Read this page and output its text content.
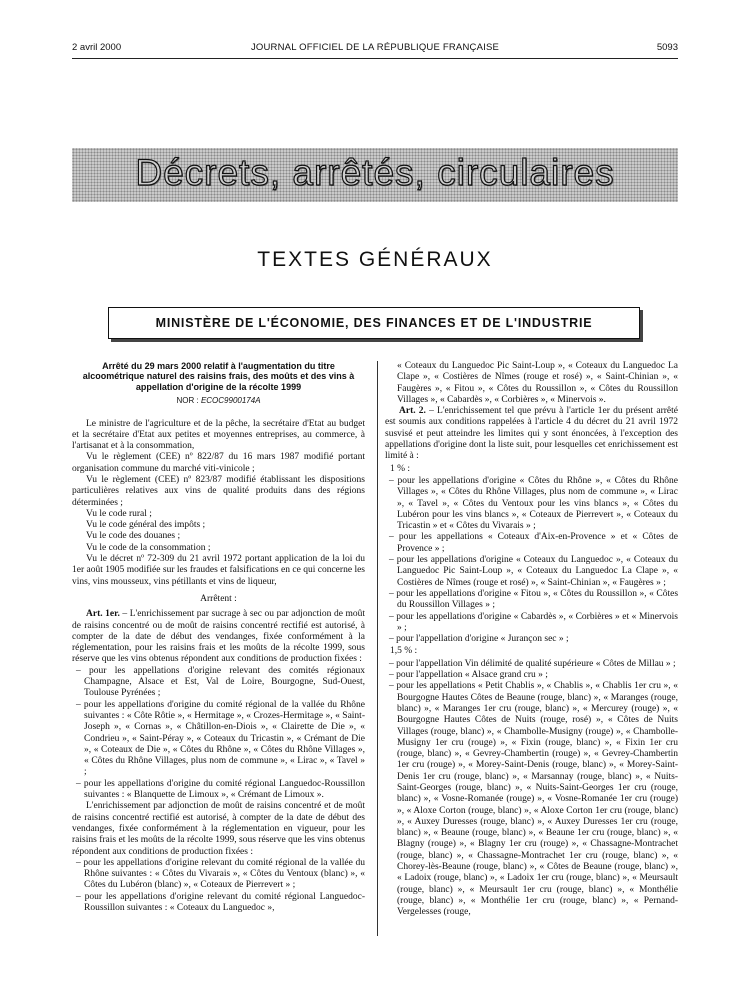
2 avril 2000	JOURNAL OFFICIEL DE LA RÉPUBLIQUE FRANÇAISE	5093
Décrets, arrêtés, circulaires
TEXTES GÉNÉRAUX
MINISTÈRE DE L'ÉCONOMIE, DES FINANCES ET DE L'INDUSTRIE

Arrêté du 29 mars 2000 relatif à l'augmentation du titre alcoométrique naturel des raisins frais, des moûts et des vins à appellation d'origine de la récolte 1999

NOR : ECOC9900174A

Le ministre de l'agriculture et de la pêche, la secrétaire d'Etat au budget et la secrétaire d'Etat aux petites et moyennes entreprises, au commerce, à l'artisanat et à la consommation,

Vu le règlement (CEE) nº 822/87 du 16 mars 1987 modifié portant organisation commune du marché viti-vinicole ;

Vu le règlement (CEE) nº 823/87 modifié établissant les dispositions particulières relatives aux vins de qualité produits dans des régions déterminées ;

Vu le code rural ;

Vu le code général des impôts ;

Vu le code des douanes ;

Vu le code de la consommation ;

Vu le décret nº 72-309 du 21 avril 1972 portant application de la loi du 1er août 1905 modifiée sur les fraudes et falsifications en ce qui concerne les vins, vins mousseux, vins pétillants et vins de liqueur,

Arrêtent :

Art. 1er. – L'enrichissement par sucrage à sec ou par adjonction de moût de raisins concentré ou de moût de raisins concentré rectifié est autorisé, à compter de la date de début des vendanges, fixée conformément à la réglementation, pour les raisins frais et les moûts de la récolte 1999, sous réserve que les vins obtenus répondent aux conditions de production fixées :

– pour les appellations d'origine relevant des comités régionaux Champagne, Alsace et Est, Val de Loire, Bourgogne, Sud-Ouest, Toulouse Pyrénées ;

– pour les appellations d'origine du comité régional de la vallée du Rhône suivantes : « Côte Rôtie », « Hermitage », « Crozes-Hermitage », « Saint-Joseph », « Cornas », « Châtillon-en-Diois », « Clairette de Die », « Condrieu », « Saint-Péray », « Coteaux du Tricastin », « Crémant de Die », « Coteaux de Die », « Côtes du Rhône », « Côtes du Rhône Villages », « Côtes du Rhône Villages, plus nom de commune », « Lirac », « Tavel » ;

– pour les appellations d'origine du comité régional Languedoc-Roussillon suivantes : « Blanquette de Limoux », « Crémant de Limoux ».

L'enrichissement par adjonction de moût de raisins concentré et de moût de raisins concentré rectifié est autorisé, à compter de la date de début des vendanges, fixée conformément à la réglementation en vigueur, pour les raisins frais et les moûts de la récolte 1999, sous réserve que les vins obtenus répondent aux conditions de production fixées :

– pour les appellations d'origine relevant du comité régional de la vallée du Rhône suivantes : « Côtes du Vivarais », « Côtes du Ventoux (blanc) », « Côtes du Lubéron (blanc) », « Coteaux de Pierrevert » ;

– pour les appellations d'origine relevant du comité régional Languedoc-Roussillon suivantes : « Coteaux du Languedoc »,

« Coteaux du Languedoc Pic Saint-Loup », « Coteaux du Languedoc La Clape », « Costières de Nîmes (rouge et rosé) », « Saint-Chinian », « Faugères », « Fitou », « Côtes du Roussillon », « Côtes du Roussillon Villages », « Cabardès », « Corbières », « Minervois ».

Art. 2. – L'enrichissement tel que prévu à l'article 1er du présent arrêté est soumis aux conditions rappelées à l'article 4 du décret du 21 avril 1972 susvisé et peut atteindre les limites qui y sont énoncées, à l'exception des appellations d'origine dont la liste suit, pour lesquelles cet enrichissement est limité à :

1 % :

– pour les appellations d'origine « Côtes du Rhône », « Côtes du Rhône Villages », « Côtes du Rhône Villages, plus nom de commune », « Lirac », « Tavel », « Côtes du Ventoux pour les vins blancs », « Côtes du Lubéron pour les vins blancs », « Coteaux de Pierrevert », « Coteaux du Tricastin » et « Côtes du Vivarais » ;

– pour les appellations « Coteaux d'Aix-en-Provence » et « Côtes de Provence » ;

– pour les appellations d'origine « Coteaux du Languedoc », « Coteaux du Languedoc Pic Saint-Loup », « Coteaux du Languedoc La Clape », « Costières de Nîmes (rouge et rosé) », « Saint-Chinian », « Faugères » ;

– pour les appellations d'origine « Fitou », « Côtes du Roussillon », « Côtes du Roussillon Villages » ;

– pour les appellations d'origine « Cabardès », « Corbières » et « Minervois » ;

– pour l'appellation d'origine « Jurançon sec » ;

1,5 % :

– pour l'appellation Vin délimité de qualité supérieure « Côtes de Millau » ;

– pour l'appellation « Alsace grand cru » ;

– pour les appellations « Petit Chablis », « Chablis », « Chablis 1er cru », « Bourgogne Hautes Côtes de Beaune (rouge, blanc) », « Maranges (rouge, blanc) », « Maranges 1er cru (rouge, blanc) », « Mercurey (rouge) », « Bourgogne Hautes Côtes de Nuits (rouge, rosé) », « Côtes de Nuits Villages (rouge, blanc) », « Chambolle-Musigny (rouge) », « Chambolle-Musigny 1er cru (rouge) », « Fixin (rouge, blanc) », « Fixin 1er cru (rouge, blanc) », « Gevrey-Chambertin (rouge) », « Gevrey-Chambertin 1er cru (rouge) », « Morey-Saint-Denis (rouge, blanc) », « Morey-Saint-Denis 1er cru (rouge, blanc) », « Marsannay (rouge, blanc) », « Nuits-Saint-Georges (rouge, blanc) », « Nuits-Saint-Georges 1er cru (rouge, blanc) », « Vosne-Romanée (rouge) », « Vosne-Romanée 1er cru (rouge) », « Aloxe Corton (rouge, blanc) », « Aloxe Corton 1er cru (rouge, blanc) », « Auxey Duresses (rouge, blanc) », « Auxey Duresses 1er cru (rouge, blanc) », « Beaune (rouge, blanc) », « Beaune 1er cru (rouge, blanc) », « Blagny (rouge) », « Blagny 1er cru (rouge) », « Chassagne-Montrachet (rouge, blanc) », « Chassagne-Montrachet 1er cru (rouge, blanc) », « Chorey-lès-Beaune (rouge, blanc) », « Côtes de Beaune (rouge, blanc) », « Ladoix (rouge, blanc) », « Ladoix 1er cru (rouge, blanc) », « Meursault (rouge, blanc) », « Meursault 1er cru (rouge, blanc) », « Monthélie (rouge, blanc) », « Monthélie 1er cru (rouge, blanc) », « Pernand-Vergelesses (rouge,
